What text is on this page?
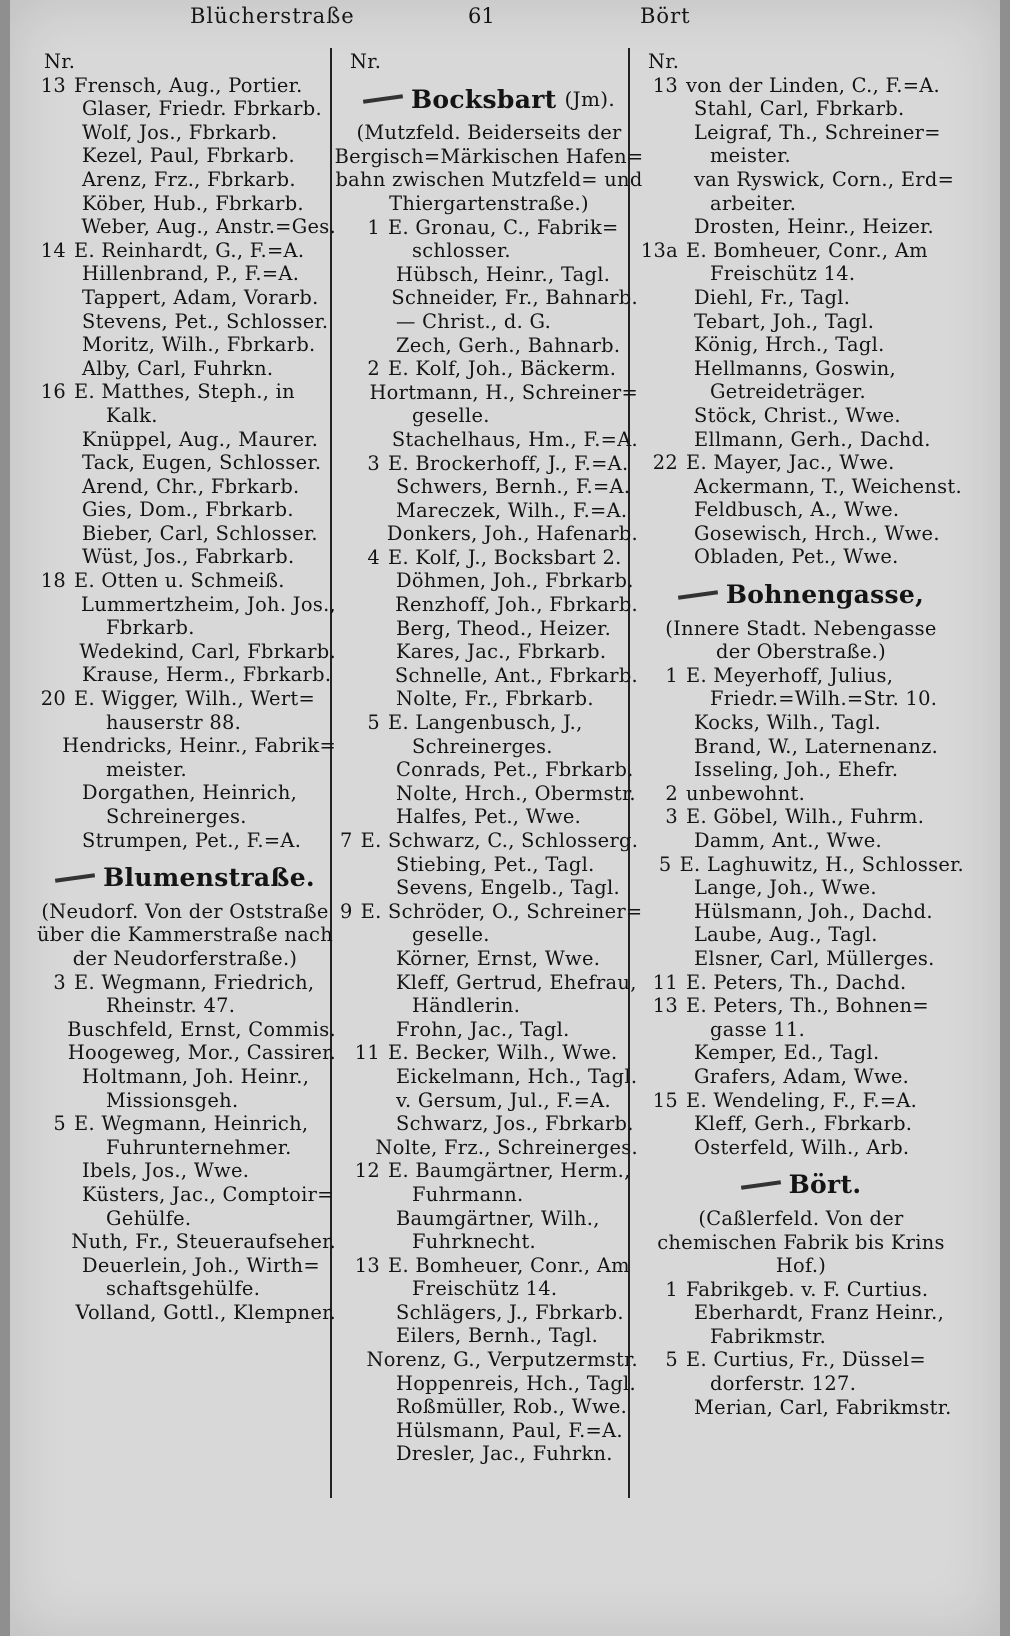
Blücherstraße	61	Bört
Nr.
13 Frensch, Aug., Portier.
Glaser, Friedr. Fbrkarb.
Wolf, Jos., Fbrkarb.
Kezel, Paul, Fbrkarb.
Arenz, Frz., Fbrkarb.
Köber, Hub., Fbrkarb.
Weber, Aug., Anstr.=Ges.
14 E. Reinhardt, G., F.=A.
Hillenbrand, P., F.=A.
Tappert, Adam, Vorarb.
Stevens, Pet., Schlosser.
Moritz, Wilh., Fbrkarb.
Alby, Carl, Fuhrkn.
16 E. Matthes, Steph., in
Kalk.
Knüppel, Aug., Maurer.
Tack, Eugen, Schlosser.
Arend, Chr., Fbrkarb.
Gies, Dom., Fbrkarb.
Bieber, Carl, Schlosser.
Wüst, Jos., Fabrkarb.
18 E. Otten u. Schmeiß.
Lummertzheim, Joh. Jos.,
Fbrkarb.
Wedekind, Carl, Fbrkarb.
Krause, Herm., Fbrkarb.
20 E. Wigger, Wilh., Wert=
hauserstr 88.
Hendricks, Heinr., Fabrik=
meister.
Dorgathen, Heinrich,
Schreinerges.
Strumpen, Pet., F.=A.
Blumenstraße.
(Neudorf. Von der Oststraße
über die Kammerstraße nach
der Neudorferstraße.)
3 E. Wegmann, Friedrich,
Rheinstr. 47.
Buschfeld, Ernst, Commis.
Hoogeweg, Mor., Cassirer.
Holtmann, Joh. Heinr.,
Missionsgeh.
5 E. Wegmann, Heinrich,
Fuhrunternehmer.
Ibels, Jos., Wwe.
Küsters, Jac., Comptoir=
Gehülfe.
Nuth, Fr., Steueraufseher.
Deuerlein, Joh., Wirth=
schaftsgehülfe.
Volland, Gottl., Klempner.
Nr.
Bocksbart (Jm).
(Mutzfeld. Beiderseits der
Bergisch=Märkischen Hafen=
bahn zwischen Mutzfeld= und
Thiergartenstraße.)
1 E. Gronau, C., Fabrik=
schlosser.
Hübsch, Heinr., Tagl.
Schneider, Fr., Bahnarb.
— Christ., d. G.
Zech, Gerh., Bahnarb.
2 E. Kolf, Joh., Bäckerm.
Hortmann, H., Schreiner=
geselle.
Stachelhaus, Hm., F.=A.
3 E. Brockerhoff, J., F.=A.
Schwers, Bernh., F.=A.
Mareczek, Wilh., F.=A.
Donkers, Joh., Hafenarb.
4 E. Kolf, J., Bocksbart 2.
Döhmen, Joh., Fbrkarb.
Renzhoff, Joh., Fbrkarb.
Berg, Theod., Heizer.
Kares, Jac., Fbrkarb.
Schnelle, Ant., Fbrkarb.
Nolte, Fr., Fbrkarb.
5 E. Langenbusch, J.,
Schreinerges.
Conrads, Pet., Fbrkarb.
Nolte, Hrch., Obermstr.
Halfes, Pet., Wwe.
7 E. Schwarz, C., Schlosserg.
Stiebing, Pet., Tagl.
Sevens, Engelb., Tagl.
9 E. Schröder, O., Schreiner=
geselle.
Körner, Ernst, Wwe.
Kleff, Gertrud, Ehefrau,
Händlerin.
Frohn, Jac., Tagl.
11 E. Becker, Wilh., Wwe.
Eickelmann, Hch., Tagl.
v. Gersum, Jul., F.=A.
Schwarz, Jos., Fbrkarb.
Nolte, Frz., Schreinerges.
12 E. Baumgärtner, Herm.,
Fuhrmann.
Baumgärtner, Wilh.,
Fuhrknecht.
13 E. Bomheuer, Conr., Am
Freischütz 14.
Schlägers, J., Fbrkarb.
Eilers, Bernh., Tagl.
Norenz, G., Verputzermstr.
Hoppenreis, Hch., Tagl.
Roßmüller, Rob., Wwe.
Hülsmann, Paul, F.=A.
Dresler, Jac., Fuhrkn.
Nr.
13 von der Linden, C., F.=A.
Stahl, Carl, Fbrkarb.
Leigraf, Th., Schreiner=
meister.
van Ryswick, Corn., Erd=
arbeiter.
Drosten, Heinr., Heizer.
13a E. Bomheuer, Conr., Am
Freischütz 14.
Diehl, Fr., Tagl.
Tebart, Joh., Tagl.
König, Hrch., Tagl.
Hellmanns, Goswin,
Getreideträger.
Stöck, Christ., Wwe.
Ellmann, Gerh., Dachd.
22 E. Mayer, Jac., Wwe.
Ackermann, T., Weichenst.
Feldbusch, A., Wwe.
Gosewisch, Hrch., Wwe.
Obladen, Pet., Wwe.
Bohnengasse,
(Innere Stadt. Nebengasse
der Oberstraße.)
1 E. Meyerhoff, Julius,
Friedr.=Wilh.=Str. 10.
Kocks, Wilh., Tagl.
Brand, W., Laternenanz.
Isseling, Joh., Ehefr.
2 unbewohnt.
3 E. Göbel, Wilh., Fuhrm.
Damm, Ant., Wwe.
5 E. Laghuwitz, H., Schlosser.
Lange, Joh., Wwe.
Hülsmann, Joh., Dachd.
Laube, Aug., Tagl.
Elsner, Carl, Müllerges.
11 E. Peters, Th., Dachd.
13 E. Peters, Th., Bohnen=
gasse 11.
Kemper, Ed., Tagl.
Grafers, Adam, Wwe.
15 E. Wendeling, F., F.=A.
Kleff, Gerh., Fbrkarb.
Osterfeld, Wilh., Arb.
Bört.
(Caßlerfeld. Von der
chemischen Fabrik bis Krins
Hof.)
1 Fabrikgeb. v. F. Curtius.
Eberhardt, Franz Heinr.,
Fabrikmstr.
5 E. Curtius, Fr., Düssel=
dorferstr. 127.
Merian, Carl, Fabrikmstr.
